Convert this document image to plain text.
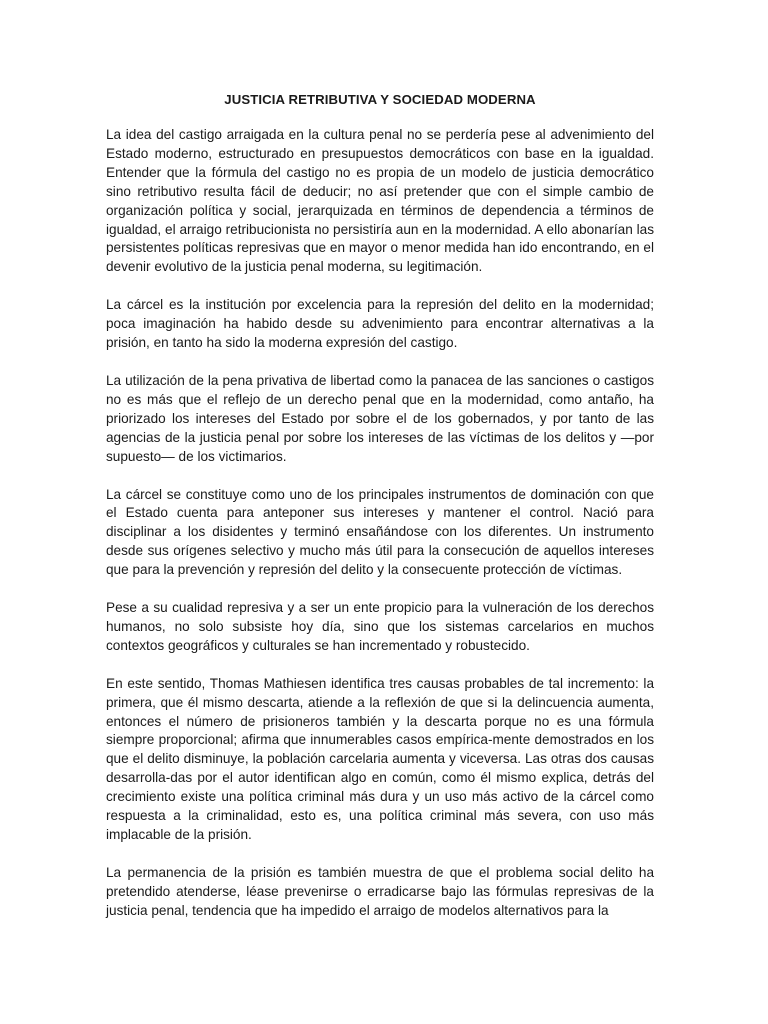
JUSTICIA RETRIBUTIVA Y SOCIEDAD MODERNA

La idea del castigo arraigada en la cultura penal no se perdería pese al advenimiento del Estado moderno, estructurado en presupuestos democráticos con base en la igualdad. Entender que la fórmula del castigo no es propia de un modelo de justicia democrático sino retributivo resulta fácil de deducir; no así pretender que con el simple cambio de organización política y social, jerarquizada en términos de dependencia a términos de igualdad, el arraigo retribucionista no persistiría aun en la modernidad. A ello abonarían las persistentes políticas represivas que en mayor o menor medida han ido encontrando, en el devenir evolutivo de la justicia penal moderna, su legitimación.

La cárcel es la institución por excelencia para la represión del delito en la modernidad; poca imaginación ha habido desde su advenimiento para encontrar alternativas a la prisión, en tanto ha sido la moderna expresión del castigo.

La utilización de la pena privativa de libertad como la panacea de las sanciones o castigos no es más que el reflejo de un derecho penal que en la modernidad, como antaño, ha priorizado los intereses del Estado por sobre el de los gobernados, y por tanto de las agencias de la justicia penal por sobre los intereses de las víctimas de los delitos y —por supuesto— de los victimarios.

La cárcel se constituye como uno de los principales instrumentos de dominación con que el Estado cuenta para anteponer sus intereses y mantener el control. Nació para disciplinar a los disidentes y terminó ensañándose con los diferentes. Un instrumento desde sus orígenes selectivo y mucho más útil para la consecución de aquellos intereses que para la prevención y represión del delito y la consecuente protección de víctimas.

Pese a su cualidad represiva y a ser un ente propicio para la vulneración de los derechos humanos, no solo subsiste hoy día, sino que los sistemas carcelarios en muchos contextos geográficos y culturales se han incrementado y robustecido.

En este sentido, Thomas Mathiesen identifica tres causas probables de tal incremento: la primera, que él mismo descarta, atiende a la reflexión de que si la delincuencia aumenta, entonces el número de prisioneros también y la descarta porque no es una fórmula siempre proporcional; afirma que innumerables casos empírica-mente demostrados en los que el delito disminuye, la población carcelaria aumenta y viceversa. Las otras dos causas desarrolla-das por el autor identifican algo en común, como él mismo explica, detrás del crecimiento existe una política criminal más dura y un uso más activo de la cárcel como respuesta a la criminalidad, esto es, una política criminal más severa, con uso más implacable de la prisión.

La permanencia de la prisión es también muestra de que el problema social delito ha pretendido atenderse, léase prevenirse o erradicarse bajo las fórmulas represivas de la justicia penal, tendencia que ha impedido el arraigo de modelos alternativos para la
